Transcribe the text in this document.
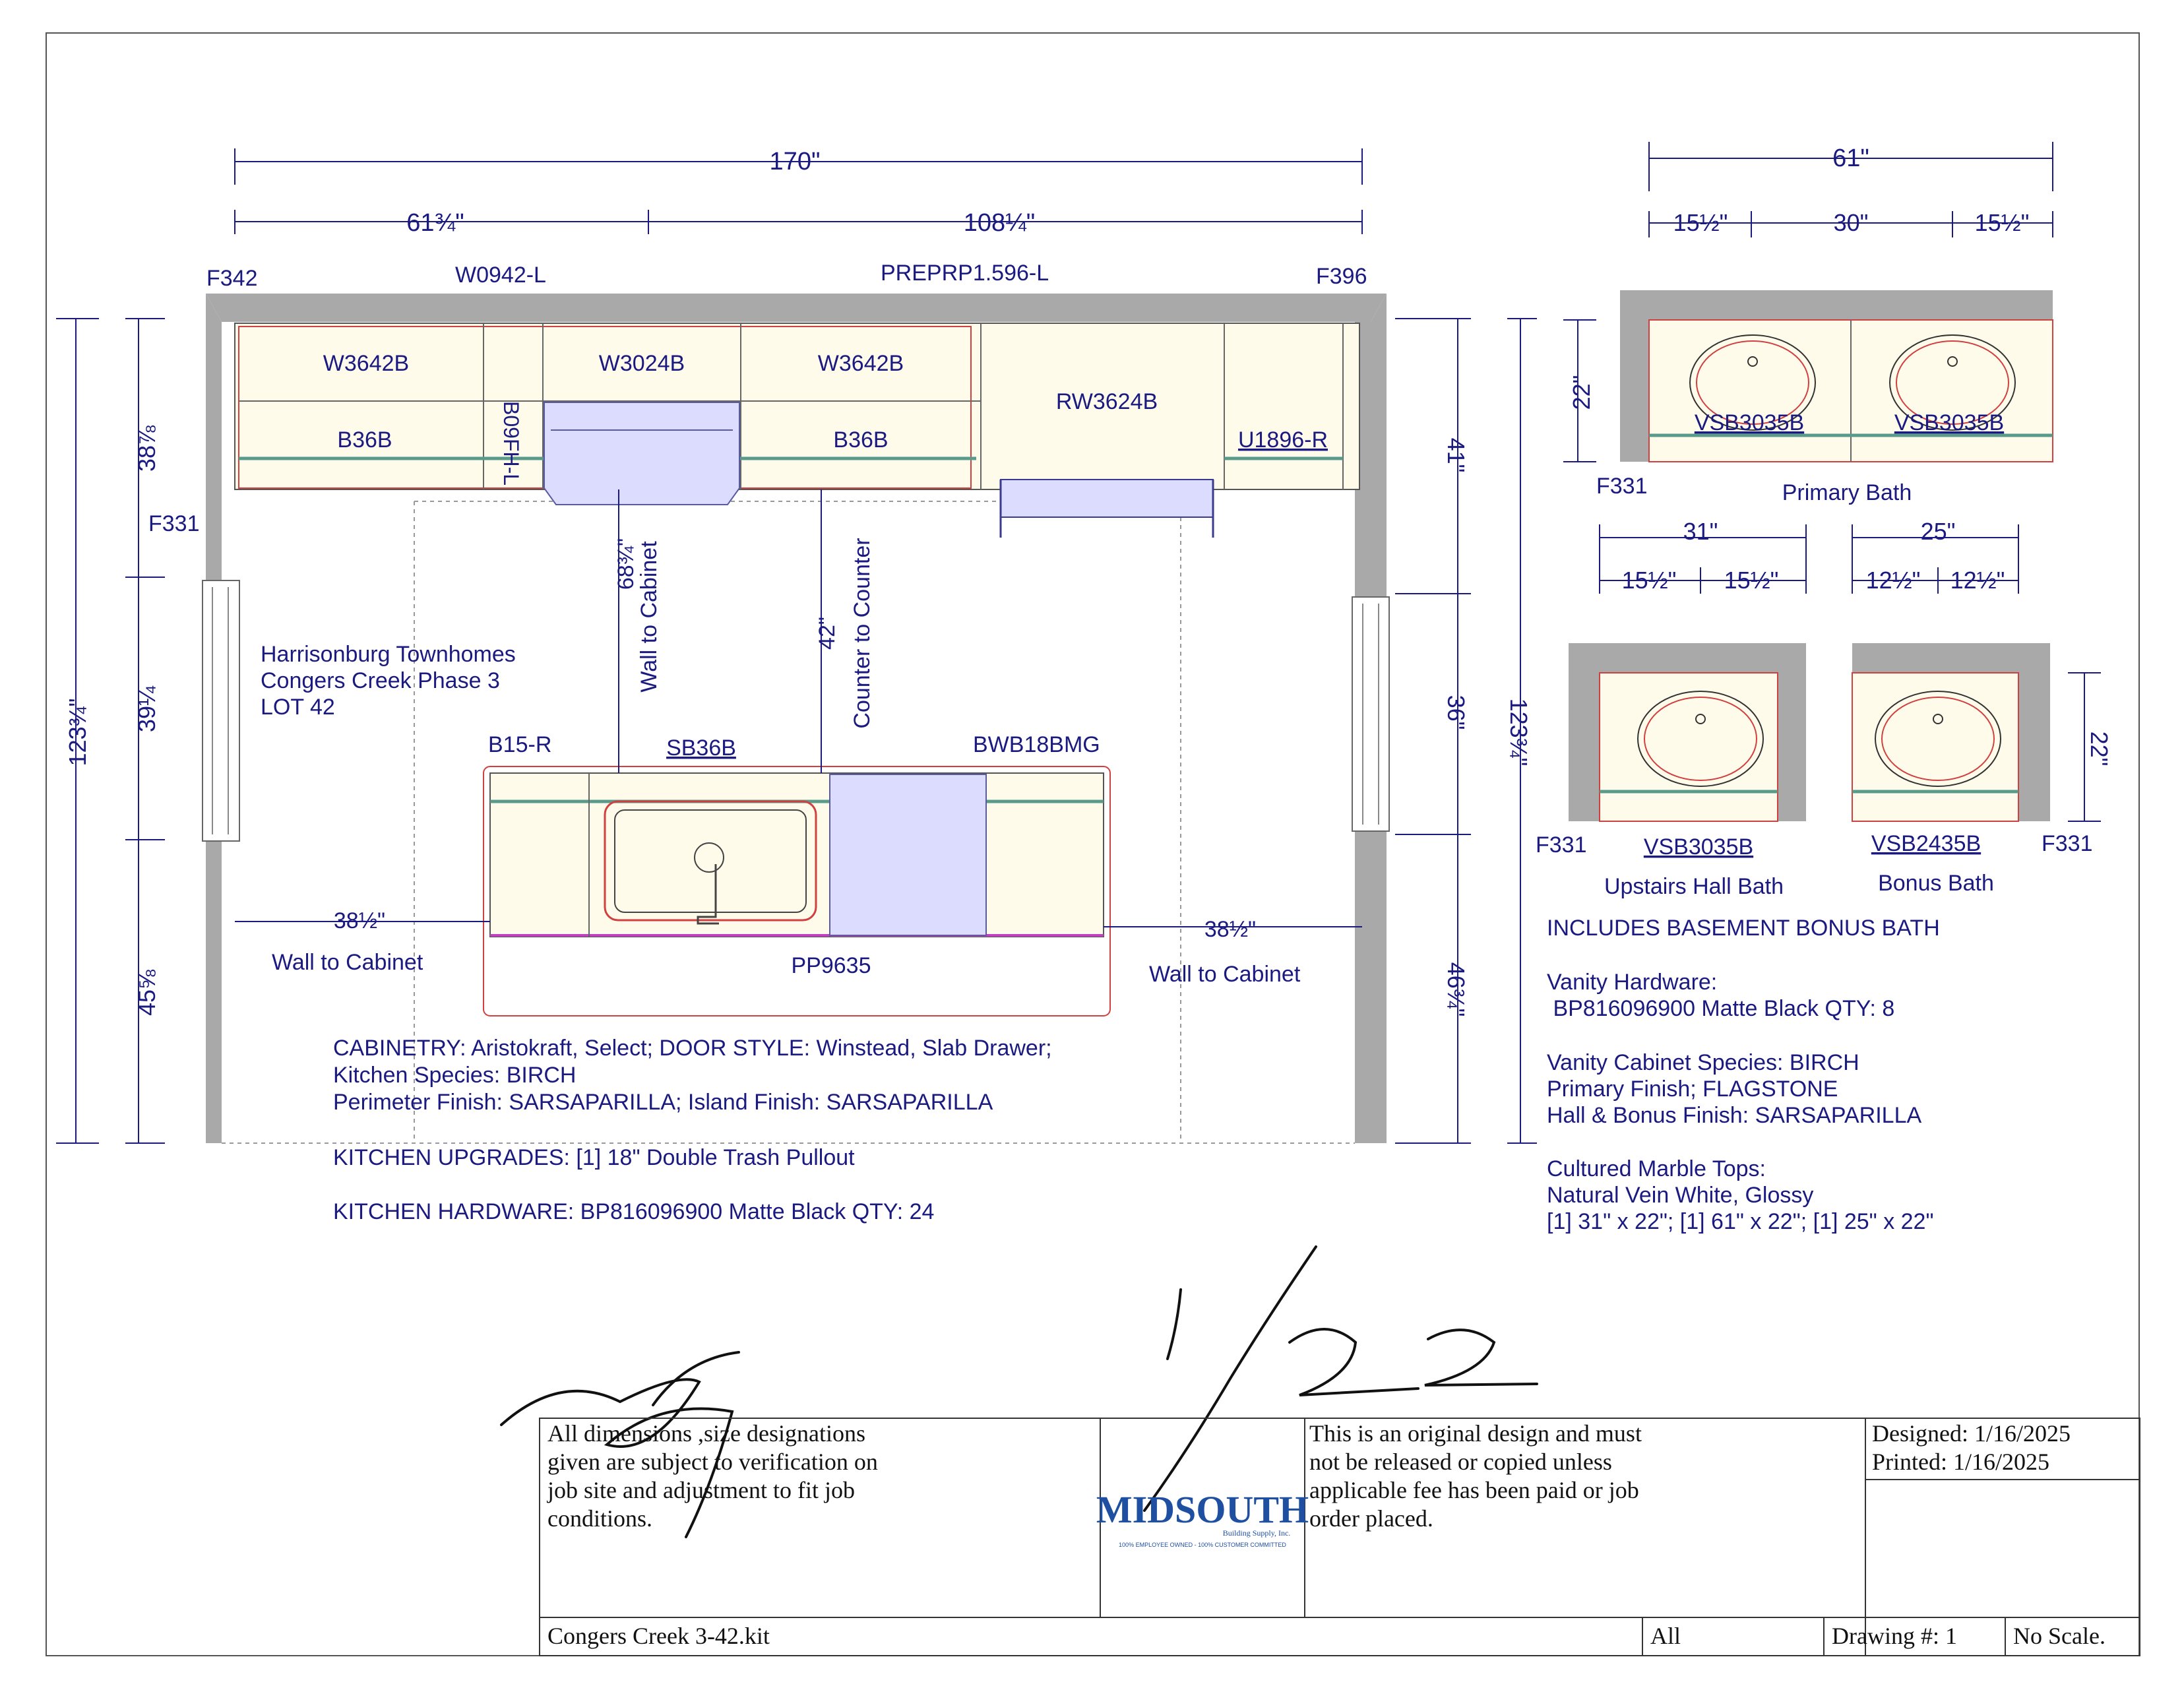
170"
61¾"	108¼"
F342	W0942-L	PREPRP1.596-L	F396
W3642B	W3024B	W3642B
RW3624B
B36B	B36B	U1896-R
B09FH-L
F331
123¾"
38⅞
39¼
45⅝
41"
36"
46¾"
123¾"
68¾"
Wall to Cabinet	42" Counter to Counter
Harrisonburg Townhomes
Congers Creek Phase 3
LOT 42
B15-R	SB36B	BWB18BMG
PP9635
38½"
Wall to Cabinet
38½"
Wall to Cabinet
CABINETRY: Aristokraft, Select; DOOR STYLE: Winstead, Slab Drawer;
Kitchen Species: BIRCH
Perimeter Finish: SARSAPARILLA; Island Finish: SARSAPARILLA
KITCHEN UPGRADES: [1] 18" Double Trash Pullout
KITCHEN HARDWARE: BP816096900 Matte Black QTY: 24
61"
15½"	30"	15½"
22"
VSB3035B	VSB3035B
F331	Primary Bath
31"
15½" 15½"
F331	VSB3035B
Upstairs Hall Bath
25"
12½" 12½"
22"
VSB2435B	F331
Bonus Bath
INCLUDES BASEMENT BONUS BATH
Vanity Hardware:
BP816096900 Matte Black QTY: 8
Vanity Cabinet Species: BIRCH
Primary Finish; FLAGSTONE
Hall & Bonus Finish: SARSAPARILLA
Cultured Marble Tops:
Natural Vein White, Glossy
[1] 31" x 22"; [1] 61" x 22"; [1] 25" x 22"
All dimensions ,size designations
given are subject to verification on
job site and adjustment to fit job
conditions.	MIDSOUTH
Building Supply, Inc.
100% EMPLOYEE OWNED - 100% CUSTOMER COMMITTED
This is an original design and must
not be released or copied unless
applicable fee has been paid or job
order placed.
Designed: 1/16/2025
Printed: 1/16/2025
Congers Creek 3-42.kit	All	Drawing #: 1 No Scale.
